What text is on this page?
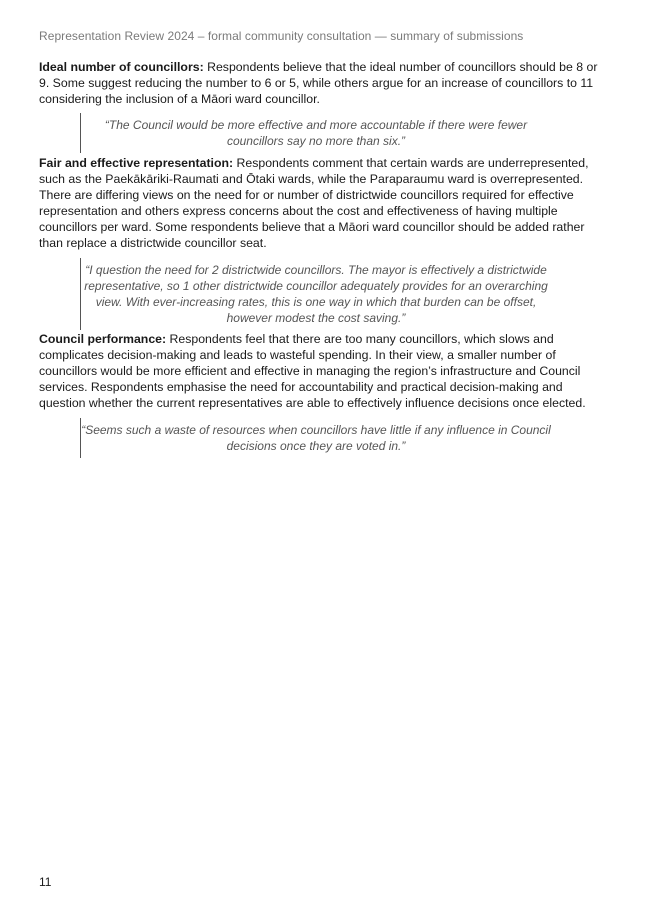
Representation Review 2024 – formal community consultation — summary of submissions
Ideal number of councillors: Respondents believe that the ideal number of councillors should be 8 or 9. Some suggest reducing the number to 6 or 5, while others argue for an increase of councillors to 11 considering the inclusion of a Māori ward councillor.

“The Council would be more effective and more accountable if there were fewer councillors say no more than six.”

Fair and effective representation: Respondents comment that certain wards are underrepresented, such as the Paekākāriki-Raumati and Ōtaki wards, while the Paraparaumu ward is overrepresented. There are differing views on the need for or number of districtwide councillors required for effective representation and others express concerns about the cost and effectiveness of having multiple councillors per ward. Some respondents believe that a Māori ward councillor should be added rather than replace a districtwide councillor seat.

“I question the need for 2 districtwide councillors. The mayor is effectively a districtwide representative, so 1 other districtwide councillor adequately provides for an overarching view. With ever-increasing rates, this is one way in which that burden can be offset, however modest the cost saving.”

Council performance: Respondents feel that there are too many councillors, which slows and complicates decision-making and leads to wasteful spending. In their view, a smaller number of councillors would be more efficient and effective in managing the region’s infrastructure and Council services. Respondents emphasise the need for accountability and practical decision-making and question whether the current representatives are able to effectively influence decisions once elected.

“Seems such a waste of resources when councillors have little if any influence in Council decisions once they are voted in.”

11
